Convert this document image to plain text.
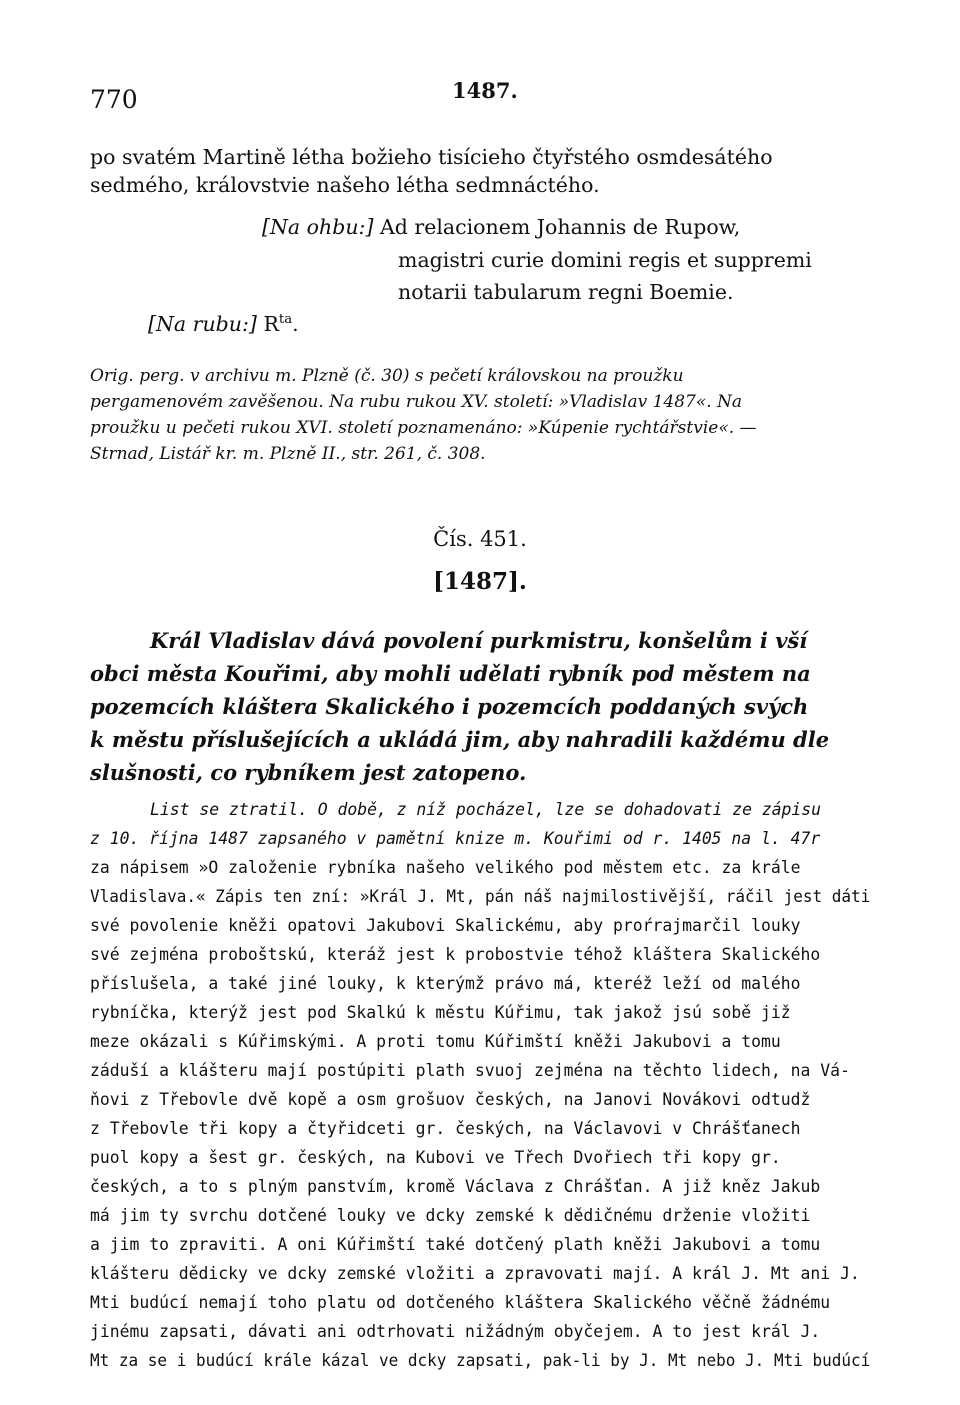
770	1487.
po svatém Martině létha božieho tisícieho čtyřstého osmdesátého
sedmého, královstvie našeho létha sedmnáctého.
[Na ohbu:] Ad relacionem Johannis de Rupow,
magistri curie domini regis et suppremi
notarii tabularum regni Boemie.
[Na rubu:] $R^{ta}$.
Orig. perg. v archivu m. Plzně (č. 30) s pečetí královskou na proužku
pergamenovém zavěšenou. Na rubu rukou XV. století: »Vladislav 1487«. Na
proužku u pečeti rukou XVI. století poznamenáno: »Kúpenie rychtářstvie«. —
Strnad, Listář kr. m. Plzně II., str. 261, č. 308.
Čís. 451.
[1487].
Král Vladislav dává povolení purkmistru, konšelům i vší
obci města Kouřimi, aby mohli udělati rybník pod městem na
pozemcích kláštera Skalického i pozemcích poddaných svých
k městu příslušejících a ukládá jim, aby nahradili každému dle
slušnosti, co rybníkem jest zatopeno.
List se ztratil. O době, z níž pocházel, lze se dohadovati ze zápisu
z 10. října 1487 zapsaného v pamětní knize m. Kouřimi od r. 1405 na l. 47r
za nápisem »O založenie rybníka našeho velikého pod městem etc. za krále
Vladislava.« Zápis ten zní: »Král J. Mt, pán náš najmilostivější, ráčil jest dáti
své povolenie kněži opatovi Jakubovi Skalickému, aby proŕrajmarčil louky
své zejména proboštskú, kteráž jest k probostvie téhož kláštera Skalického
příslušela, a také jiné louky, k kterýmž právo má, kteréž leží od malého
rybníčka, kterýž jest pod Skalkú k městu Kúřimu, tak jakož jsú sobě již
meze okázali s Kúřimskými. A proti tomu Kúřimští kněži Jakubovi a tomu
záduší a klášteru mají postúpiti plath svuoj zejména na těchto lidech, na Vá-
ňovi z Třebovle dvě kopě a osm grošuov českých, na Janovi Novákovi odtudž
z Třebovle tři kopy a čtyřidceti gr. českých, na Václavovi v Chrášťanech
puol kopy a šest gr. českých, na Kubovi ve Třech Dvořiech tři kopy gr.
českých, a to s plným panstvím, kromě Václava z Chrášťan. A již kněz Jakub
má jim ty svrchu dotčené louky ve dcky zemské k dědičnému drženie vložiti
a jim to zpraviti. A oni Kúřimští také dotčený plath kněži Jakubovi a tomu
klášteru dědicky ve dcky zemské vložiti a zpravovati mají. A král J. Mt ani J.
Mti budúcí nemají toho platu od dotčeného kláštera Skalického věčně žádnému
jinému zapsati, dávati ani odtrhovati nižádným obyčejem. A to jest král J.
Mt za se i budúcí krále kázal ve dcky zapsati, pak-li by J. Mt nebo J. Mti budúcí
